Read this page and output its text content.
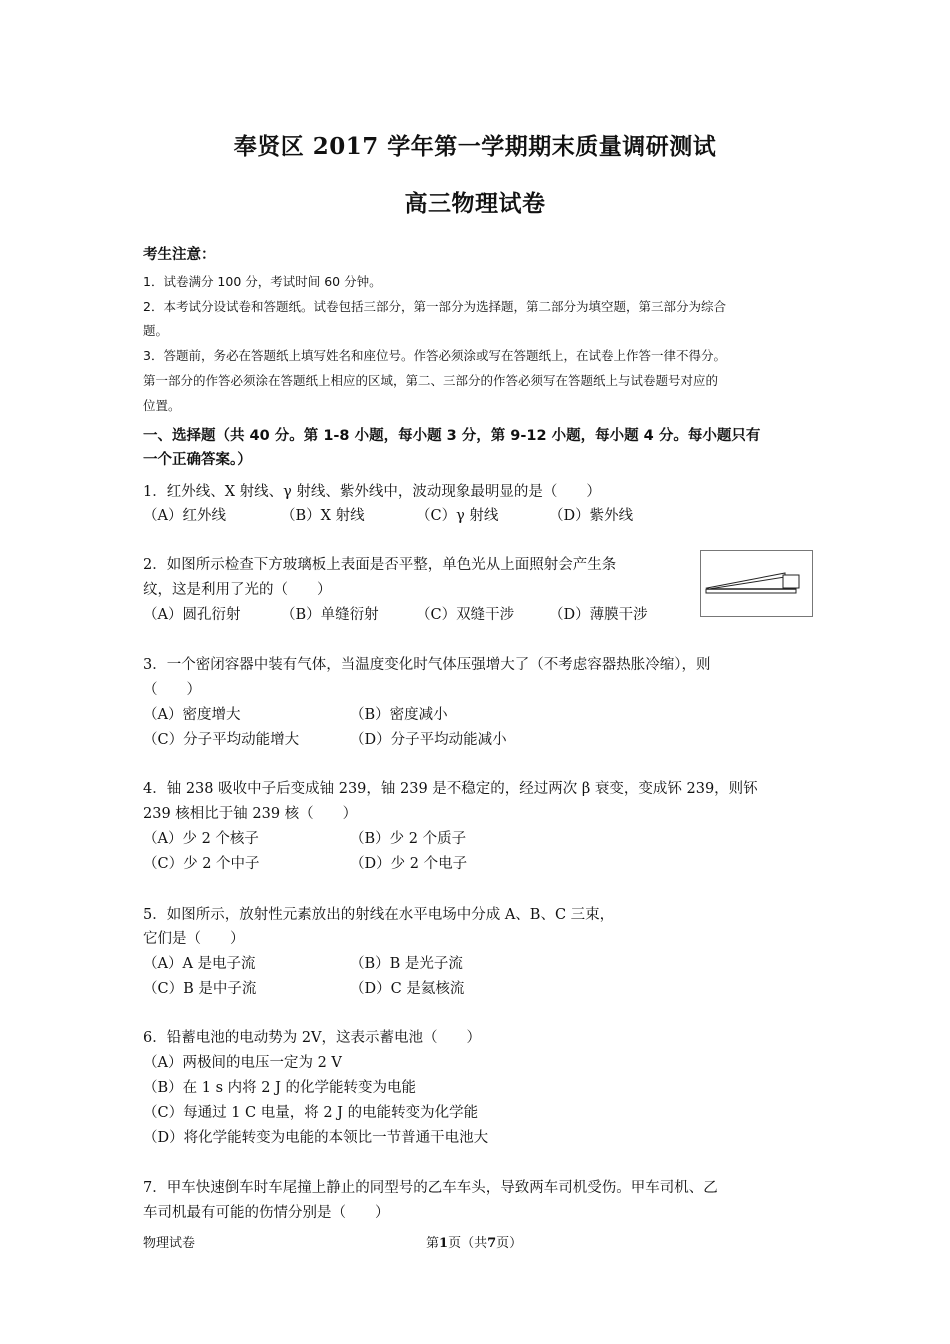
奉贤区 2017 学年第一学期期末质量调研测试
高三物理试卷
考生注意：
1．试卷满分 100 分，考试时间 60 分钟。
2．本考试分设试卷和答题纸。试卷包括三部分，第一部分为选择题，第二部分为填空题，第三部分为综合
题。
3．答题前，务必在答题纸上填写姓名和座位号。作答必须涂或写在答题纸上，在试卷上作答一律不得分。
第一部分的作答必须涂在答题纸上相应的区域，第二、三部分的作答必须写在答题纸上与试卷题号对应的
位置。
一、选择题（共 40 分。第 1-8 小题，每小题 3 分，第 9-12 小题，每小题 4 分。每小题只有
一个正确答案。）
1．红外线、X 射线、γ 射线、紫外线中，波动现象最明显的是（　　）
（A）红外线	（B）X 射线	（C）γ 射线	（D）紫外线
2．如图所示检查下方玻璃板上表面是否平整，单色光从上面照射会产生条
纹，这是利用了光的（　　）
（A）圆孔衍射	（B）单缝衍射	（C）双缝干涉 （D）薄膜干涉
3．一个密闭容器中装有气体，当温度变化时气体压强增大了（不考虑容器热胀冷缩），则
（　　）
（A）密度增大	（B）密度减小
（C）分子平均动能增大	（D）分子平均动能减小
4．铀 238 吸收中子后变成铀 239，铀 239 是不稳定的，经过两次 β 衰变，变成钚 239，则钚
239 核相比于铀 239 核（　　）
（A）少 2 个核子	（B）少 2 个质子
（C）少 2 个中子	（D）少 2 个电子
5．如图所示，放射性元素放出的射线在水平电场中分成 A、B、C 三束，
它们是（　　）
（A）A 是电子流	（B）B 是光子流
（C）B 是中子流	（D）C 是氦核流
6．铅蓄电池的电动势为 2V，这表示蓄电池（　　）
（A）两极间的电压一定为 2 V
（B）在 1 s 内将 2 J 的化学能转变为电能
（C）每通过 1 C 电量，将 2 J 的电能转变为化学能
（D）将化学能转变为电能的本领比一节普通干电池大
7．甲车快速倒车时车尾撞上静止的同型号的乙车车头，导致两车司机受伤。甲车司机、乙
车司机最有可能的伤情分别是（　　）
物理试卷	第1页（共7页）
